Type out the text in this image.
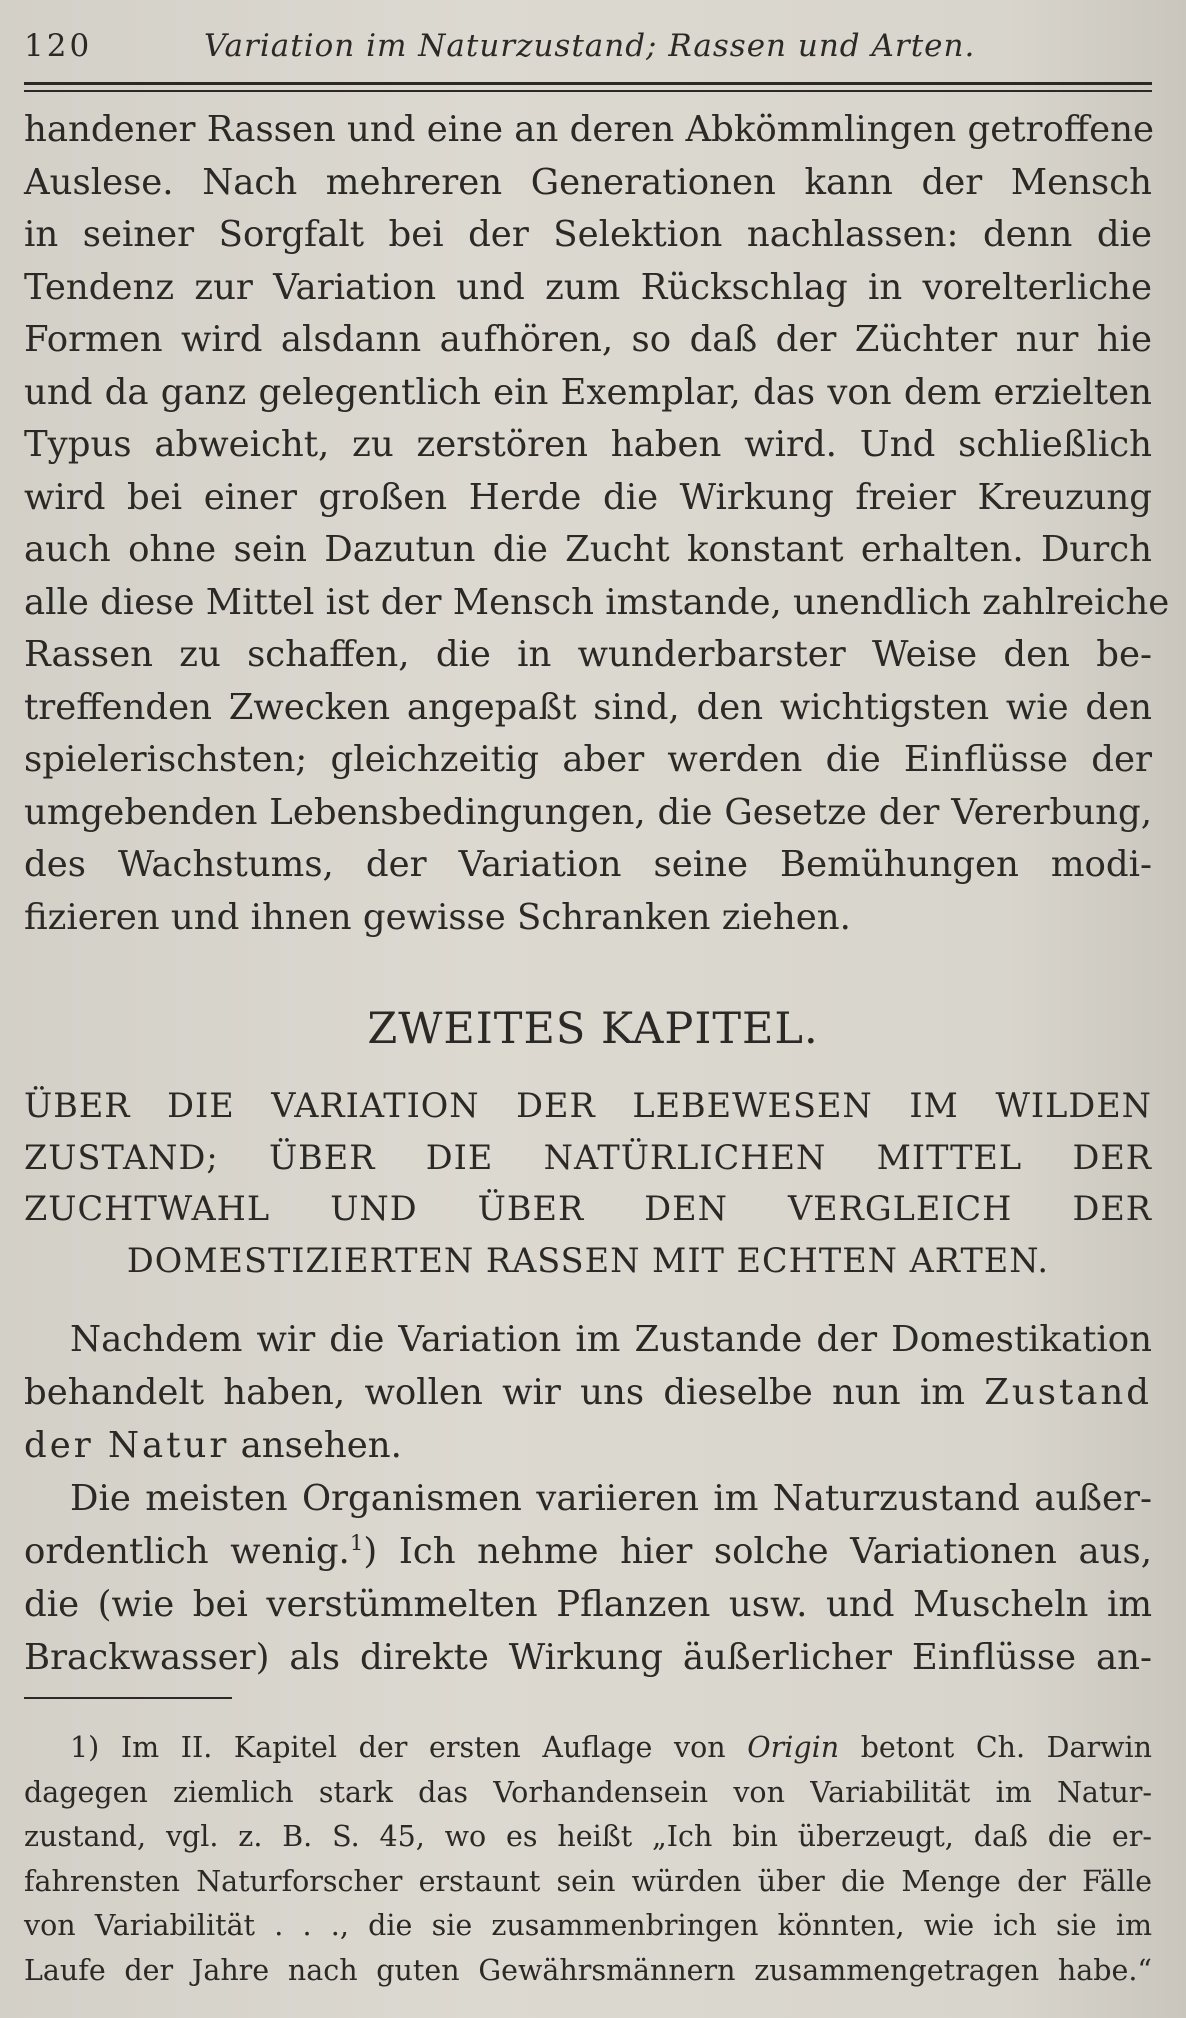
120	Variation im Naturzustand; Rassen und Arten.
handener Rassen und eine an deren Abkömmlingen getroffene
Auslese. Nach mehreren Generationen kann der Mensch
in seiner Sorgfalt bei der Selektion nachlassen: denn die
Tendenz zur Variation und zum Rückschlag in vorelterliche
Formen wird alsdann aufhören, so daß der Züchter nur hie
und da ganz gelegentlich ein Exemplar, das von dem erzielten
Typus abweicht, zu zerstören haben wird. Und schließlich
wird bei einer großen Herde die Wirkung freier Kreuzung
auch ohne sein Dazutun die Zucht konstant erhalten. Durch
alle diese Mittel ist der Mensch imstande, unendlich zahlreiche
Rassen zu schaffen, die in wunderbarster Weise den be-
treffenden Zwecken angepaßt sind, den wichtigsten wie den
spielerischsten; gleichzeitig aber werden die Einflüsse der
umgebenden Lebensbedingungen, die Gesetze der Vererbung,
des Wachstums, der Variation seine Bemühungen modi-
fizieren und ihnen gewisse Schranken ziehen.
ZWEITES KAPITEL.
ÜBER DIE VARIATION DER LEBEWESEN IM WILDEN
ZUSTAND; ÜBER DIE NATÜRLICHEN MITTEL DER
ZUCHTWAHL UND ÜBER DEN VERGLEICH DER
DOMESTIZIERTEN RASSEN MIT ECHTEN ARTEN.
Nachdem wir die Variation im Zustande der Domestikation
behandelt haben, wollen wir uns dieselbe nun im Zustand
der Natur ansehen.
Die meisten Organismen variieren im Naturzustand außer-
ordentlich wenig.$^1$) Ich nehme hier solche Variationen aus,
die (wie bei verstümmelten Pflanzen usw. und Muscheln im
Brackwasser) als direkte Wirkung äußerlicher Einflüsse an-
1) Im II. Kapitel der ersten Auflage von Origin betont Ch. Darwin
dagegen ziemlich stark das Vorhandensein von Variabilität im Natur-
zustand, vgl. z. B. S. 45, wo es heißt „Ich bin überzeugt, daß die er-
fahrensten Naturforscher erstaunt sein würden über die Menge der Fälle
von Variabilität . . ., die sie zusammenbringen könnten, wie ich sie im
Laufe der Jahre nach guten Gewährsmännern zusammengetragen habe.“
